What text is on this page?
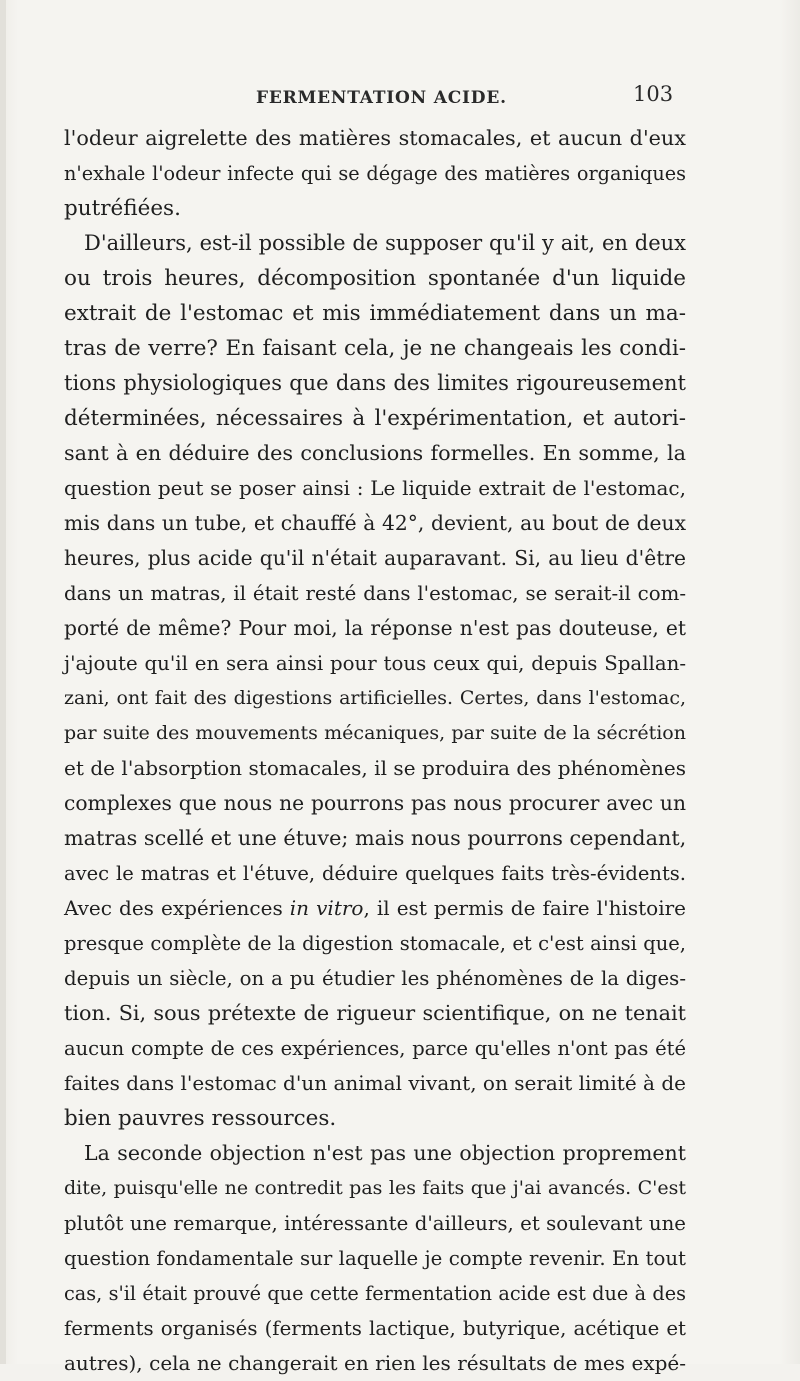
FERMENTATION ACIDE.	103
l'odeur aigrelette des matières stomacales, et aucun d'eux
n'exhale l'odeur infecte qui se dégage des matières organiques
putréfiées.
D'ailleurs, est-il possible de supposer qu'il y ait, en deux
ou trois heures, décomposition spontanée d'un liquide
extrait de l'estomac et mis immédiatement dans un ma-
tras de verre? En faisant cela, je ne changeais les condi-
tions physiologiques que dans des limites rigoureusement
déterminées, nécessaires à l'expérimentation, et autori-
sant à en déduire des conclusions formelles. En somme, la
question peut se poser ainsi : Le liquide extrait de l'estomac,
mis dans un tube, et chauffé à 42°, devient, au bout de deux
heures, plus acide qu'il n'était auparavant. Si, au lieu d'être
dans un matras, il était resté dans l'estomac, se serait-il com-
porté de même? Pour moi, la réponse n'est pas douteuse, et
j'ajoute qu'il en sera ainsi pour tous ceux qui, depuis Spallan-
zani, ont fait des digestions artificielles. Certes, dans l'estomac,
par suite des mouvements mécaniques, par suite de la sécrétion
et de l'absorption stomacales, il se produira des phénomènes
complexes que nous ne pourrons pas nous procurer avec un
matras scellé et une étuve; mais nous pourrons cependant,
avec le matras et l'étuve, déduire quelques faits très-évidents.
Avec des expériences in vitro, il est permis de faire l'histoire
presque complète de la digestion stomacale, et c'est ainsi que,
depuis un siècle, on a pu étudier les phénomènes de la diges-
tion. Si, sous prétexte de rigueur scientifique, on ne tenait
aucun compte de ces expériences, parce qu'elles n'ont pas été
faites dans l'estomac d'un animal vivant, on serait limité à de
bien pauvres ressources.
La seconde objection n'est pas une objection proprement
dite, puisqu'elle ne contredit pas les faits que j'ai avancés. C'est
plutôt une remarque, intéressante d'ailleurs, et soulevant une
question fondamentale sur laquelle je compte revenir. En tout
cas, s'il était prouvé que cette fermentation acide est due à des
ferments organisés (ferments lactique, butyrique, acétique et
autres), cela ne changerait en rien les résultats de mes expé-
